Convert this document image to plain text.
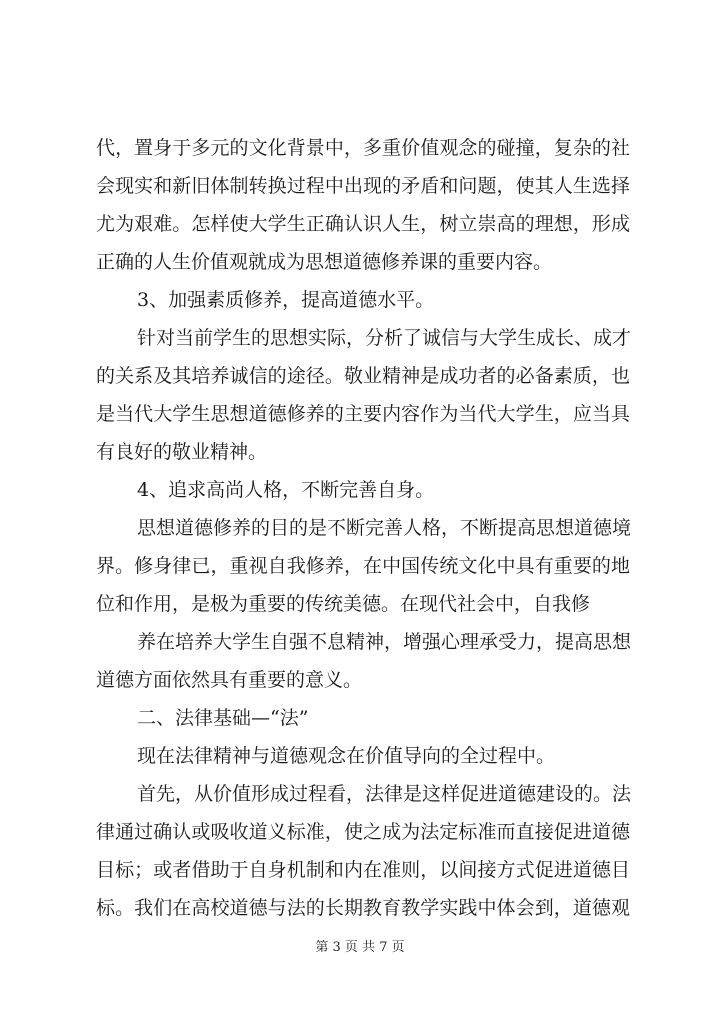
代，置身于多元的文化背景中，多重价值观念的碰撞，复杂的社
会现实和新旧体制转换过程中出现的矛盾和问题，使其人生选择
尤为艰难。怎样使大学生正确认识人生，树立崇高的理想，形成
正确的人生价值观就成为思想道德修养课的重要内容。
3、加强素质修养，提高道德水平。
针对当前学生的思想实际，分析了诚信与大学生成长、成才
的关系及其培养诚信的途径。敬业精神是成功者的必备素质，也
是当代大学生思想道德修养的主要内容作为当代大学生，应当具
有良好的敬业精神。
4、追求高尚人格，不断完善自身。
思想道德修养的目的是不断完善人格，不断提高思想道德境
界。修身律已，重视自我修养，在中国传统文化中具有重要的地
位和作用，是极为重要的传统美德。在现代社会中，自我修
养在培养大学生自强不息精神，增强心理承受力，提高思想
道德方面依然具有重要的意义。
二、法律基础—“法”
现在法律精神与道德观念在价值导向的全过程中。
首先，从价值形成过程看，法律是这样促进道德建设的。法
律通过确认或吸收道义标准，使之成为法定标准而直接促进道德
目标；或者借助于自身机制和内在准则，以间接方式促进道德目
标。我们在高校道德与法的长期教育教学实践中体会到，道德观
第 3 页 共 7 页
